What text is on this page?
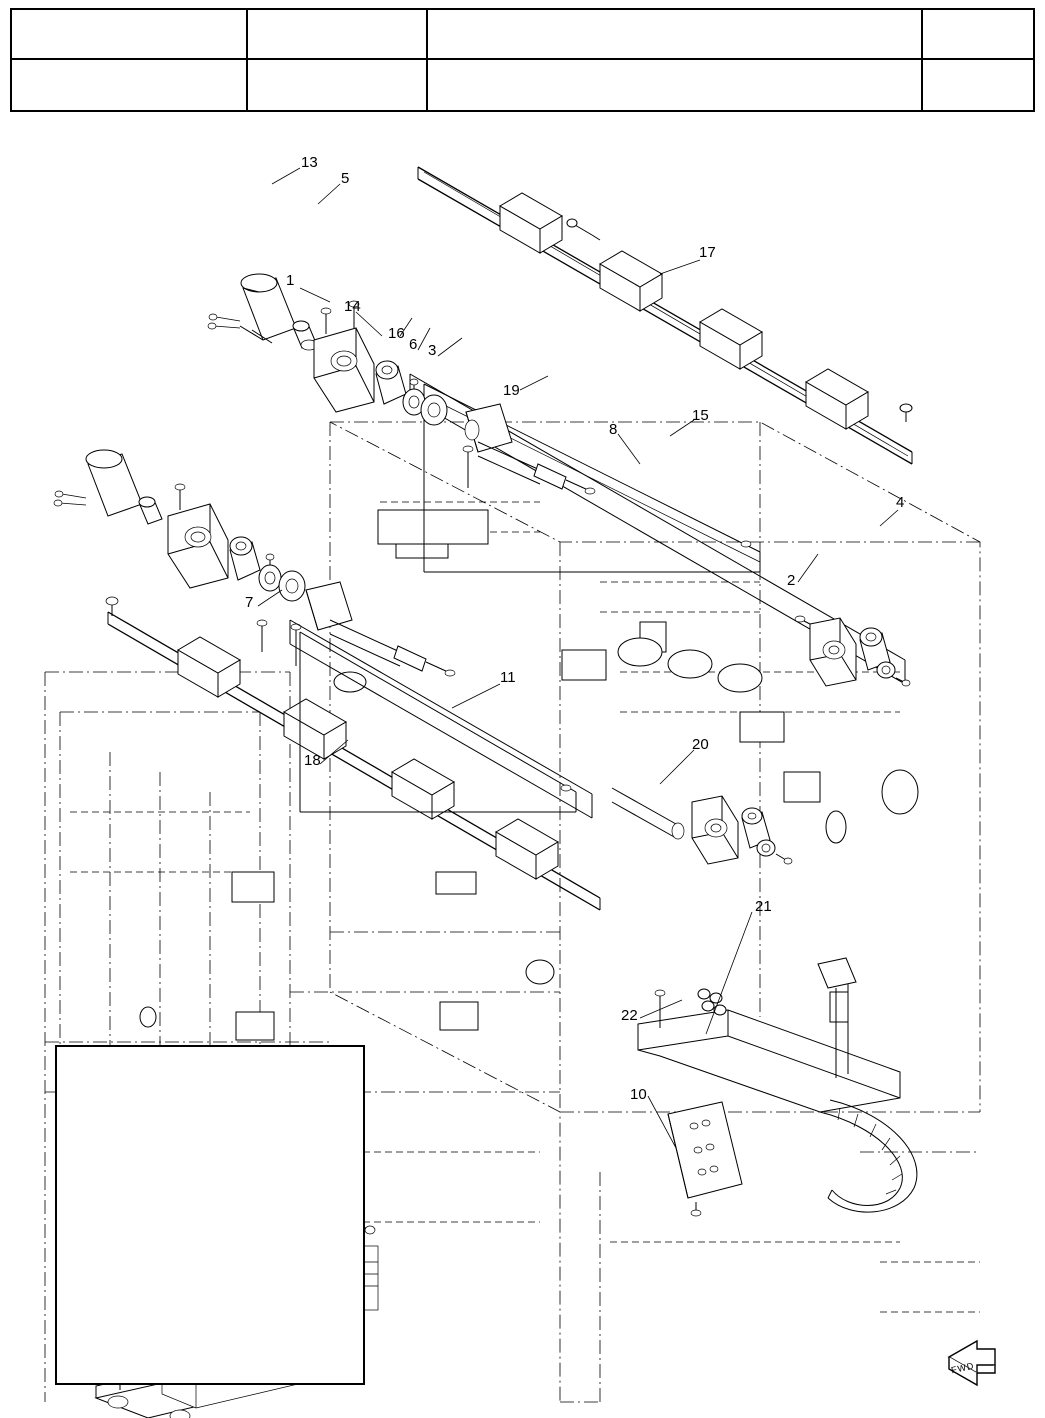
13
5
17
1
14
16
6 3
19
15
8
4
2
7
11
20
18
21
22
10
FWD
